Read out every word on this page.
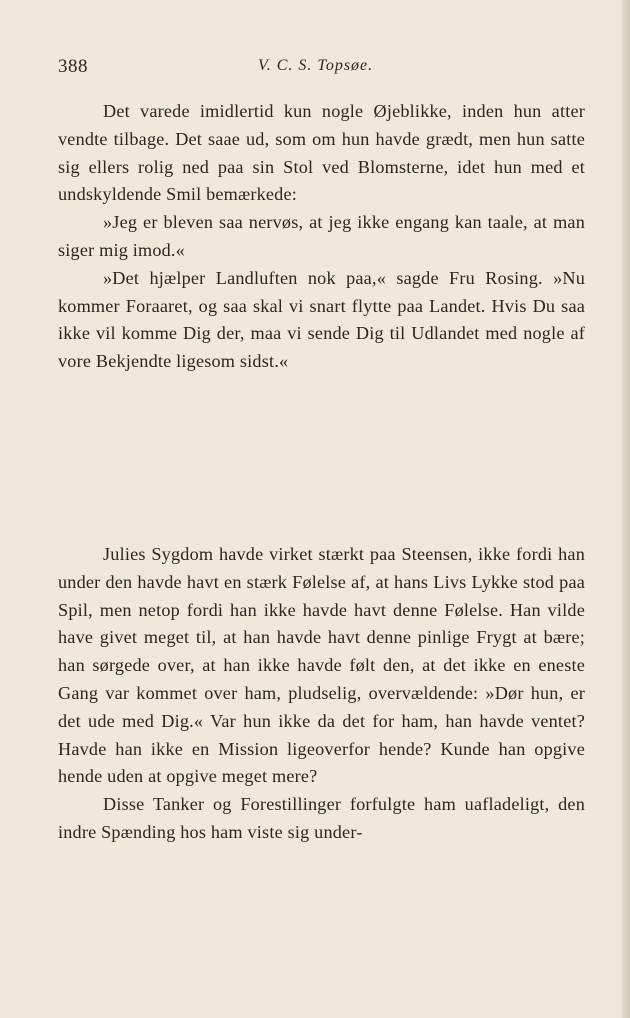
388	V. C. S. Topsøe.

Det varede imidlertid kun nogle Øjeblikke, inden hun atter vendte tilbage. Det saae ud, som om hun havde grædt, men hun satte sig ellers rolig ned paa sin Stol ved Blomsterne, idet hun med et undskyldende Smil bemærkede:

»Jeg er bleven saa nervøs, at jeg ikke engang kan taale, at man siger mig imod.«

»Det hjælper Landluften nok paa,« sagde Fru Rosing. »Nu kommer Foraaret, og saa skal vi snart flytte paa Landet. Hvis Du saa ikke vil komme Dig der, maa vi sende Dig til Udlandet med nogle af vore Bekjendte ligesom sidst.«

Julies Sygdom havde virket stærkt paa Steensen, ikke fordi han under den havde havt en stærk Følelse af, at hans Livs Lykke stod paa Spil, men netop fordi han ikke havde havt denne Følelse. Han vilde have givet meget til, at han havde havt denne pinlige Frygt at bære; han sørgede over, at han ikke havde følt den, at det ikke en eneste Gang var kommet over ham, pludselig, overvældende: »Dør hun, er det ude med Dig.« Var hun ikke da det for ham, han havde ventet? Havde han ikke en Mission ligeoverfor hende? Kunde han opgive hende uden at opgive meget mere?

Disse Tanker og Forestillinger forfulgte ham uafladeligt, den indre Spænding hos ham viste sig under-
